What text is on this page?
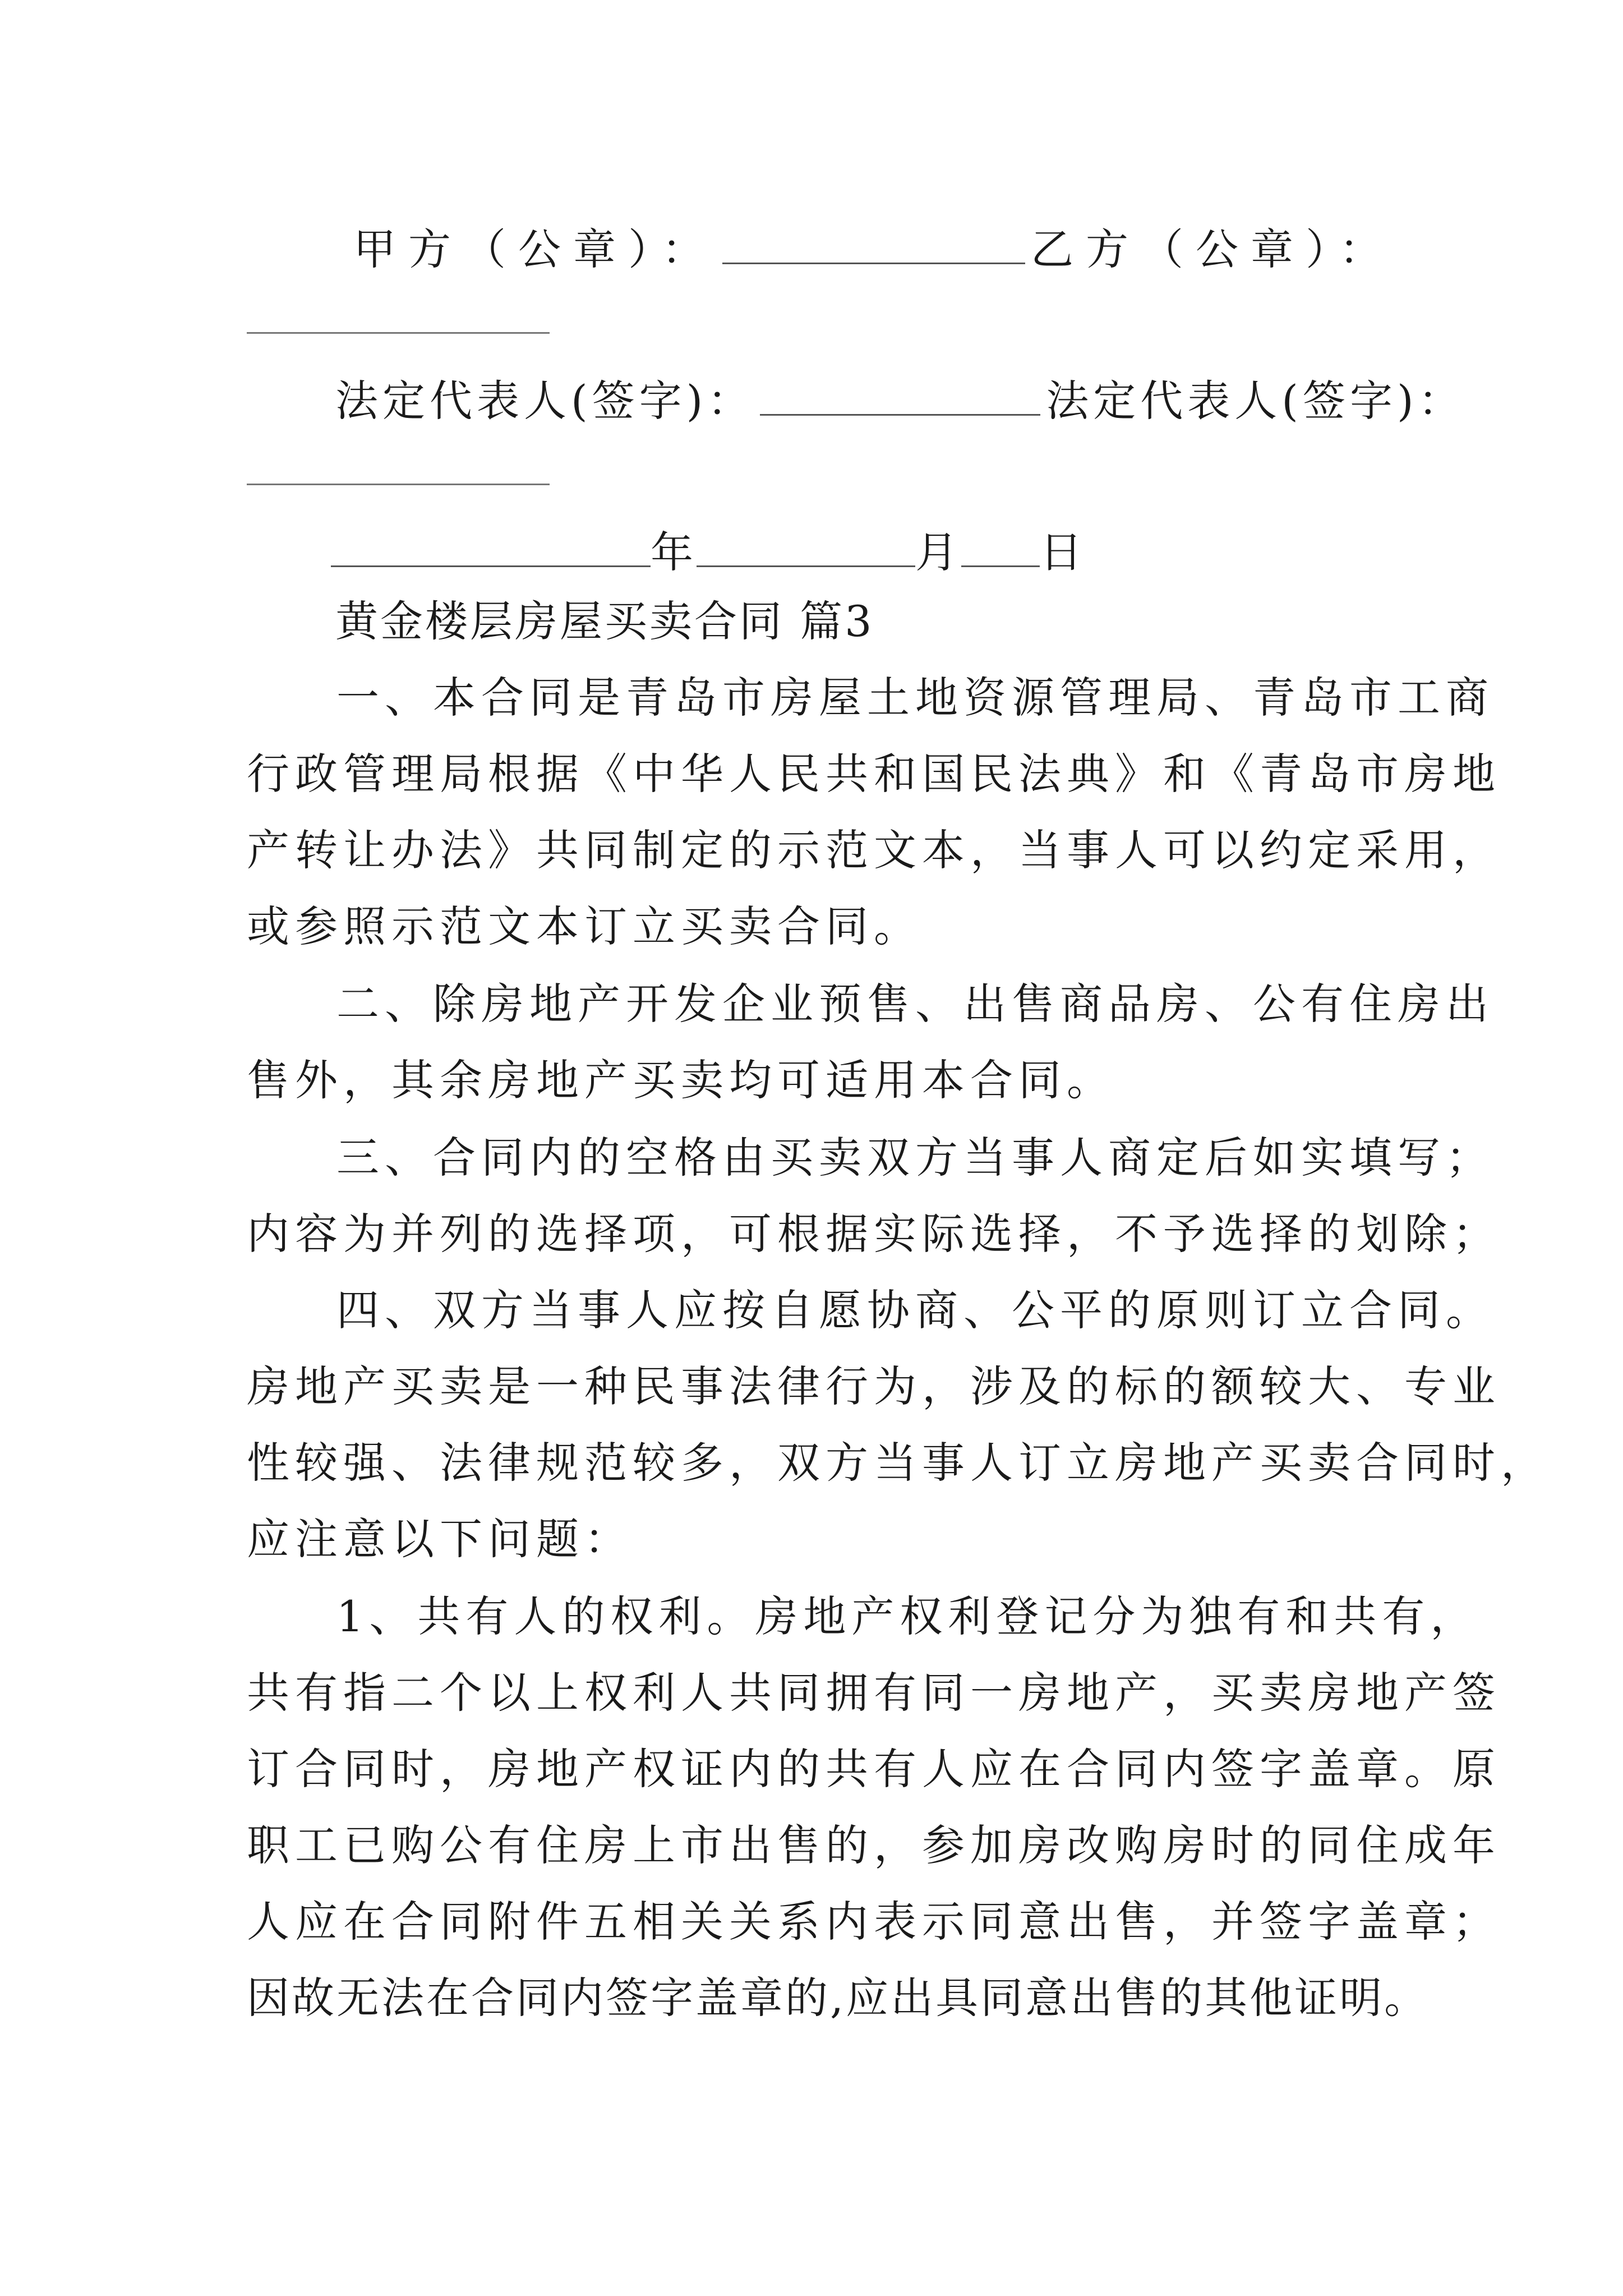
甲方（公章）：	乙方（公章）：
法定代表人(签字)：	法定代表人(签字)：
年	月 日
黄金楼层房屋买卖合同 篇3
一、本合同是青岛市房屋土地资源管理局、青岛市工商
行政管理局根据《中华人民共和国民法典》和《青岛市房地
产转让办法》共同制定的示范文本，当事人可以约定采用，
或参照示范文本订立买卖合同。
二、除房地产开发企业预售、出售商品房、公有住房出
售外，其余房地产买卖均可适用本合同。
三、合同内的空格由买卖双方当事人商定后如实填写；
内容为并列的选择项，可根据实际选择，不予选择的划除；
四、双方当事人应按自愿协商、公平的原则订立合同。
房地产买卖是一种民事法律行为，涉及的标的额较大、专业
性较强、法律规范较多，双方当事人订立房地产买卖合同时，
应注意以下问题：
1、共有人的权利。房地产权利登记分为独有和共有，
共有指二个以上权利人共同拥有同一房地产，买卖房地产签
订合同时，房地产权证内的共有人应在合同内签字盖章。原
职工已购公有住房上市出售的，参加房改购房时的同住成年
人应在合同附件五相关关系内表示同意出售，并签字盖章；
因故无法在合同内签字盖章的,应出具同意出售的其他证明。
